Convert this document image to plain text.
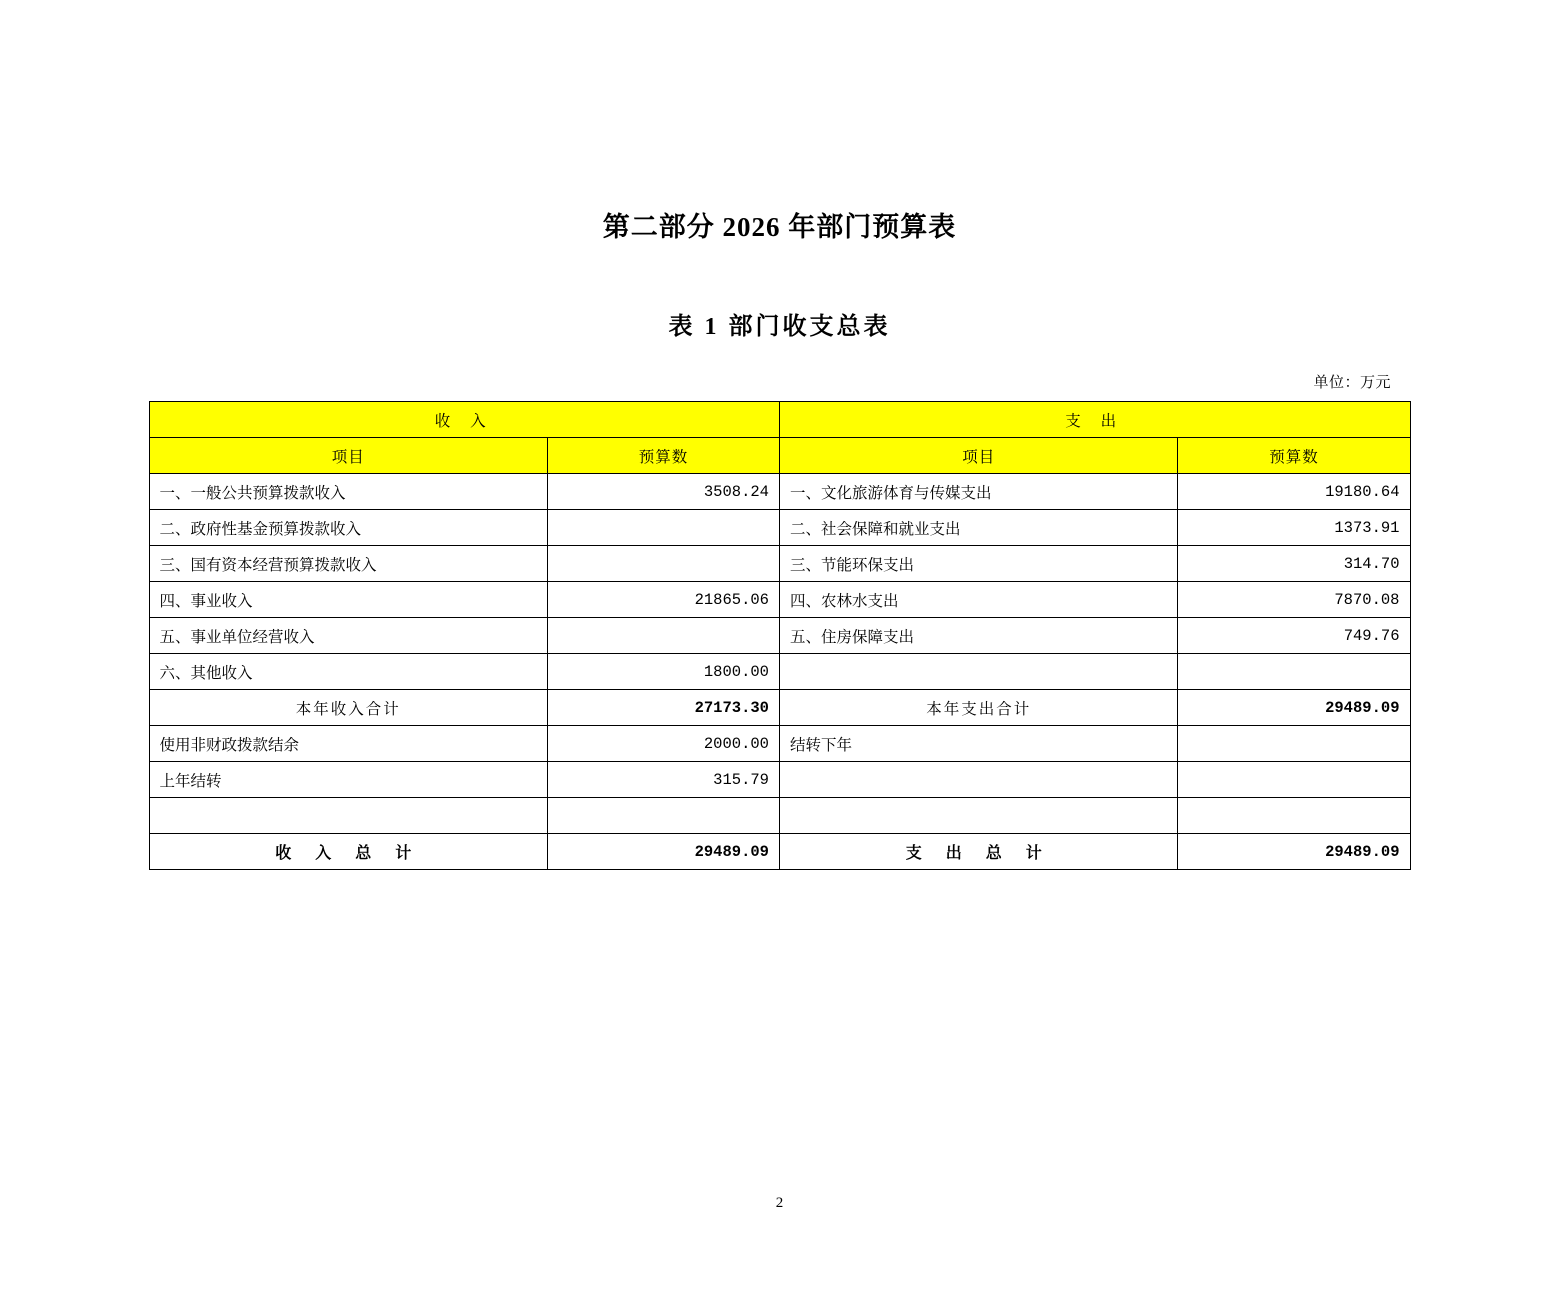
第二部分 2026 年部门预算表
表 1 部门收支总表
单位：万元
收 入		支 出	
项目	预算数	项目	预算数
一、一般公共预算拨款收入	3508.24	一、文化旅游体育与传媒支出	19180.64
二、政府性基金预算拨款收入		二、社会保障和就业支出	1373.91
三、国有资本经营预算拨款收入		三、节能环保支出	314.70
四、事业收入	21865.06	四、农林水支出	7870.08
五、事业单位经营收入		五、住房保障支出	749.76
六、其他收入	1800.00		
本年收入合计	27173.30	本年支出合计	29489.09
使用非财政拨款结余	2000.00	结转下年	
上年结转	315.79		

收 入 总 计	29489.09	支 出 总 计	29489.09
2
